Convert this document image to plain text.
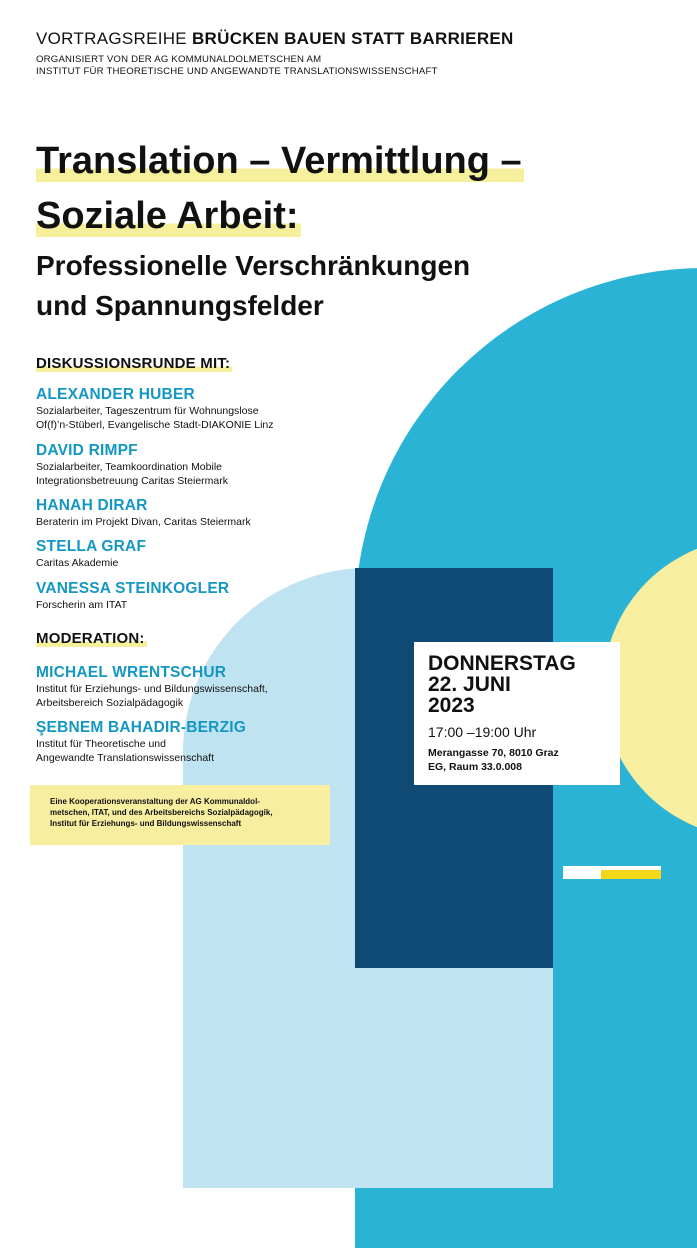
VORTRAGSREIHE BRÜCKEN BAUEN STATT BARRIEREN
ORGANISIERT VON DER AG KOMMUNALDOLMETSCHEN AM
INSTITUT FÜR THEORETISCHE UND ANGEWANDTE TRANSLATIONSWISSENSCHAFT
Translation – Vermittlung –
Soziale Arbeit:
Professionelle Verschränkungen
und Spannungsfelder
DISKUSSIONSRUNDE MIT:
ALEXANDER HUBER
Sozialarbeiter, Tageszentrum für Wohnungslose
Of(f)’n-Stüberl, Evangelische Stadt-DIAKONIE Linz
DAVID RIMPF
Sozialarbeiter, Teamkoordination Mobile
Integrationsbetreuung Caritas Steiermark
HANAH DIRAR
Beraterin im Projekt Divan, Caritas Steiermark
STELLA GRAF
Caritas Akademie
VANESSA STEINKOGLER
Forscherin am ITAT
MODERATION:
MICHAEL WRENTSCHUR
Institut für Erziehungs- und Bildungswissenschaft,
Arbeitsbereich Sozialpädagogik
ŞEBNEM BAHADIR-BERZIG
Institut für Theoretische und
Angewandte Translationswissenschaft
DONNERSTAG
22. JUNI
2023
17:00 –19:00 Uhr
Merangasse 70, 8010 Graz
EG, Raum 33.0.008
Eine Kooperationsveranstaltung der AG Kommunaldol-
metschen, ITAT, und des Arbeitsbereichs Sozialpädagogik,
Institut für Erziehungs- und Bildungswissenschaft
